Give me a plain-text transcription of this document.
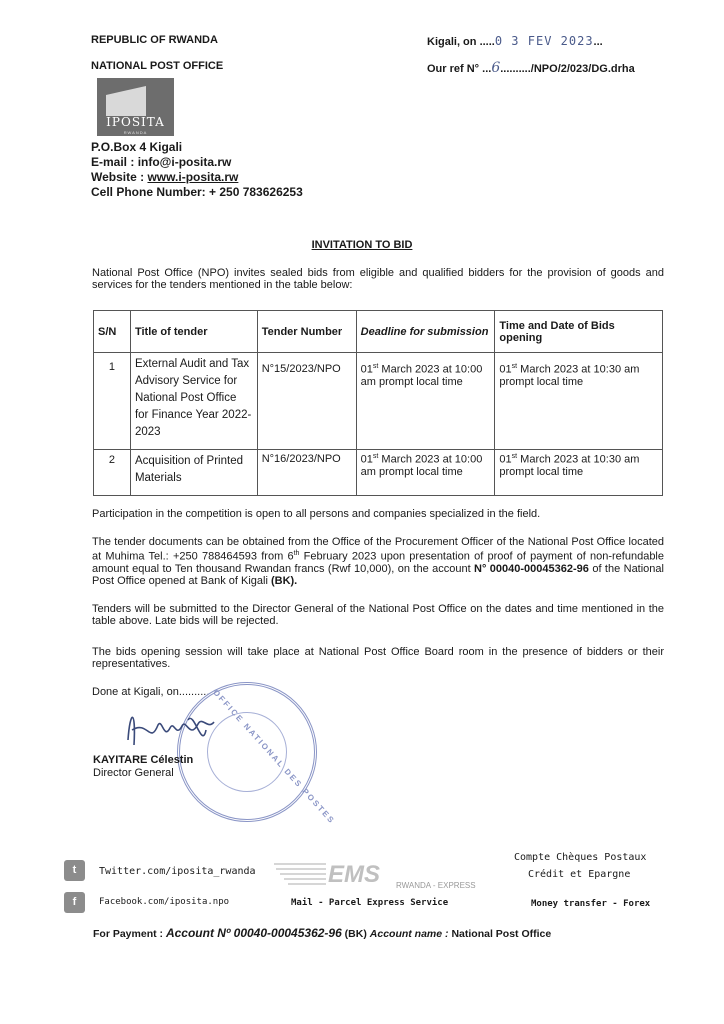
REPUBLIC OF RWANDA
NATIONAL POST OFFICE
IPOSITA
RWANDA
P.O.Box 4 Kigali
E-mail : info@i-posita.rw
Website : www.i-posita.rw
Cell Phone Number: + 250 783626253
Kigali, on .....0 3 FEV 2023...
Our ref N° ...6........../NPO/2/023/DG.drha
INVITATION TO BID
National Post Office (NPO) invites sealed bids from eligible and qualified bidders for the provision of goods and services for the tenders mentioned in the table below:
S/N	Title of tender	Tender Number	Deadline for submission	Time and Date of Bids opening
1	External Audit and Tax Advisory Service for National Post Office for Finance Year 2022-2023	N°15/2023/NPO	01st March 2023 at 10:00 am prompt local time	01st March 2023 at 10:30 am prompt local time
2	Acquisition of Printed Materials	N°16/2023/NPO	01st March 2023 at 10:00 am prompt local time	01st March 2023 at 10:30 am prompt local time
Participation in the competition is open to all persons and companies specialized in the field.
The tender documents can be obtained from the Office of the Procurement Officer of the National Post Office located at Muhima Tel.: +250 788464593 from 6th February 2023 upon presentation of proof of payment of non-refundable amount equal to Ten thousand Rwandan francs (Rwf 10,000), on the account N° 00040-00045362-96 of the National Post Office opened at Bank of Kigali (BK).
Tenders will be submitted to the Director General of the National Post Office on the dates and time mentioned in the table above. Late bids will be rejected.
The bids opening session will take place at National Post Office Board room in the presence of bidders or their representatives.
Done at Kigali, on.......... OFFICE NATIONAL DES POSTES
KAYITARE Célestin
Director General
t	Twitter.com/iposita_rwanda
f	Facebook.com/iposita.npo
EMS RWANDA - EXPRESS
Mail - Parcel Express Service
Compte Chèques Postaux
Crédit et Epargne
Money transfer - Forex
For Payment : Account Nº 00040-00045362-96 (BK) Account name : National Post Office
